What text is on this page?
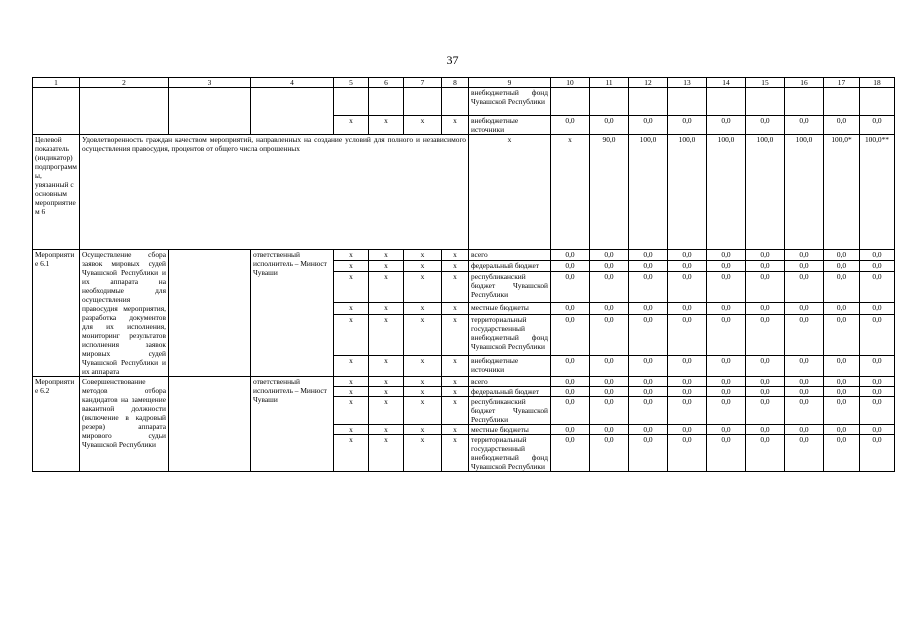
37
1	2	3	4	5	6	7	8	9	10	11	12	13	14	15	16	17	18
								внебюджетный фонд Чувашской Республики									
				x	x	x	x	внебюджетные источники	0,0	0,0	0,0	0,0	0,0	0,0	0,0	0,0	0,0
Целевой показатель (индикатор) подпрограммы, увязанный с основным мероприятием 6	Удовлетворенность граждан качеством мероприятий, направленных на создание условий для полного и независимого осуществления правосудия, процентов от общего числа опрошенных							x	x	90,0	100,0	100,0	100,0	100,0	100,0	100,0*	100,0**
Мероприятие 6.1	Осуществление сбора заявок мировых судей Чувашской Республики и их аппарата на необходимые для осуществления правосудия мероприятия, разработка документов для их исполнения, мониторинг результатов исполнения заявок мировых судей Чувашской Республики и их аппарата		ответственный исполнитель – Минюст Чуваши	x	x	x	x	всего	0,0	0,0	0,0	0,0	0,0	0,0	0,0	0,0	0,0
				x	x	x	x	федеральный бюджет	0,0	0,0	0,0	0,0	0,0	0,0	0,0	0,0	0,0
				x	x	x	x	республиканский бюджет Чувашской Республики	0,0	0,0	0,0	0,0	0,0	0,0	0,0	0,0	0,0
				x	x	x	x	местные бюджеты	0,0	0,0	0,0	0,0	0,0	0,0	0,0	0,0	0,0
				x	x	x	x	территориальный государственный внебюджетный фонд Чувашской Республики	0,0	0,0	0,0	0,0	0,0	0,0	0,0	0,0	0,0
				x	x	x	x	внебюджетные источники	0,0	0,0	0,0	0,0	0,0	0,0	0,0	0,0	0,0
Мероприятие 6.2	Совершенствование методов отбора кандидатов на замещение вакантной должности (включение в кадровый резерв) аппарата мирового судьи Чувашской Республики		ответственный исполнитель – Минюст Чуваши	x	x	x	x	всего	0,0	0,0	0,0	0,0	0,0	0,0	0,0	0,0	0,0
				x	x	x	x	федеральный бюджет	0,0	0,0	0,0	0,0	0,0	0,0	0,0	0,0	0,0
				x	x	x	x	республиканский бюджет Чувашской Республики	0,0	0,0	0,0	0,0	0,0	0,0	0,0	0,0	0,0
				x	x	x	x	местные бюджеты	0,0	0,0	0,0	0,0	0,0	0,0	0,0	0,0	0,0
				x	x	x	x	территориальный государственный внебюджетный фонд Чувашской Республики	0,0	0,0	0,0	0,0	0,0	0,0	0,0	0,0	0,0
